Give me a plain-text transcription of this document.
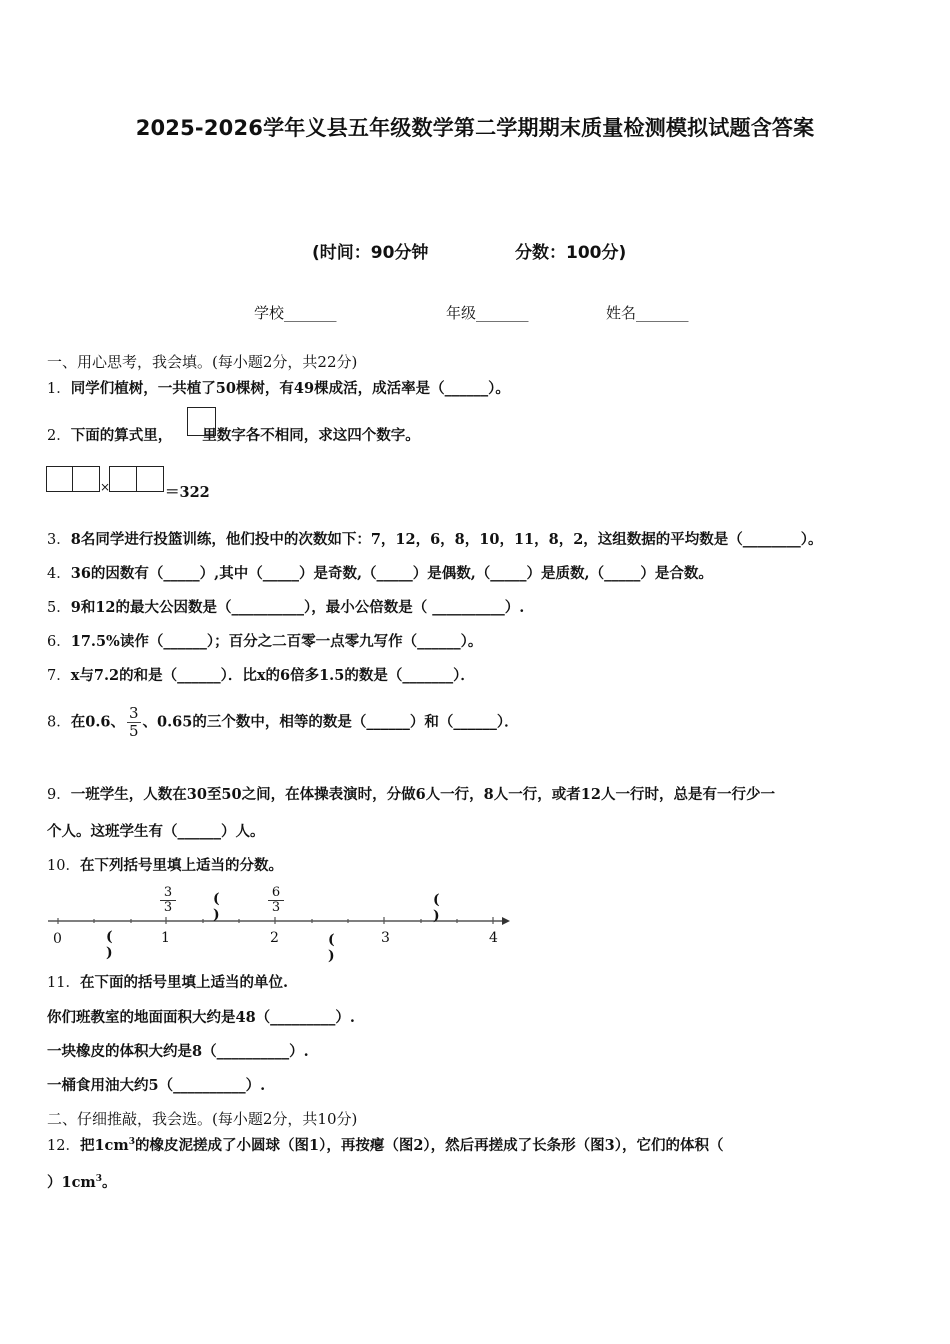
2025-2026学年义县五年级数学第二学期期末质量检测模拟试题含答案
(时间：90分钟	分数：100分)
学校_______	年级_______	姓名_______
一、用心思考，我会填。(每小题2分，共22分)
1．同学们植树，一共植了50棵树，有49棵成活，成活率是（______）。
2．下面的算式里， 里数字各不相同，求这四个数字。
×	＝322
3．8名同学进行投篮训练，他们投中的次数如下：7，12，6，8，10，11，8，2，这组数据的平均数是（________）。
4．36的因数有（_____）,其中（_____）是奇数,（_____）是偶数,（_____）是质数,（_____）是合数。
5．9和12的最大公因数是（__________），最小公倍数是（ __________）.
6．17.5%读作（______）；百分之二百零一点零九写作（______）。
7．x与7.2的和是（______）．比x的6倍多1.5的数是（_______）．
8．在0.6、 $\frac{3}{5}$ 、0.65的三个数中，相等的数是（______）和（______）．
9．一班学生，人数在30至50之间，在体操表演时，分做6人一行，8人一行，或者12人一行时，总是有一行少一
个人。这班学生有（______）人。
10．在下列括号里填上适当的分数。
0	1	2	3	4
( )
( )
( )
( )
$\frac{3}{3}$	$\frac{6}{3}$
11．在下面的括号里填上适当的单位.
你们班教室的地面面积大约是48（_________）.
一块橡皮的体积大约是8（__________）.
一桶食用油大约5（__________）.
二、仔细推敲，我会选。(每小题2分，共10分)
12．把$1cm^3$的橡皮泥搓成了小圆球（图1），再按瘪（图2），然后再搓成了长条形（图3），它们的体积（
）$1cm^3$。
